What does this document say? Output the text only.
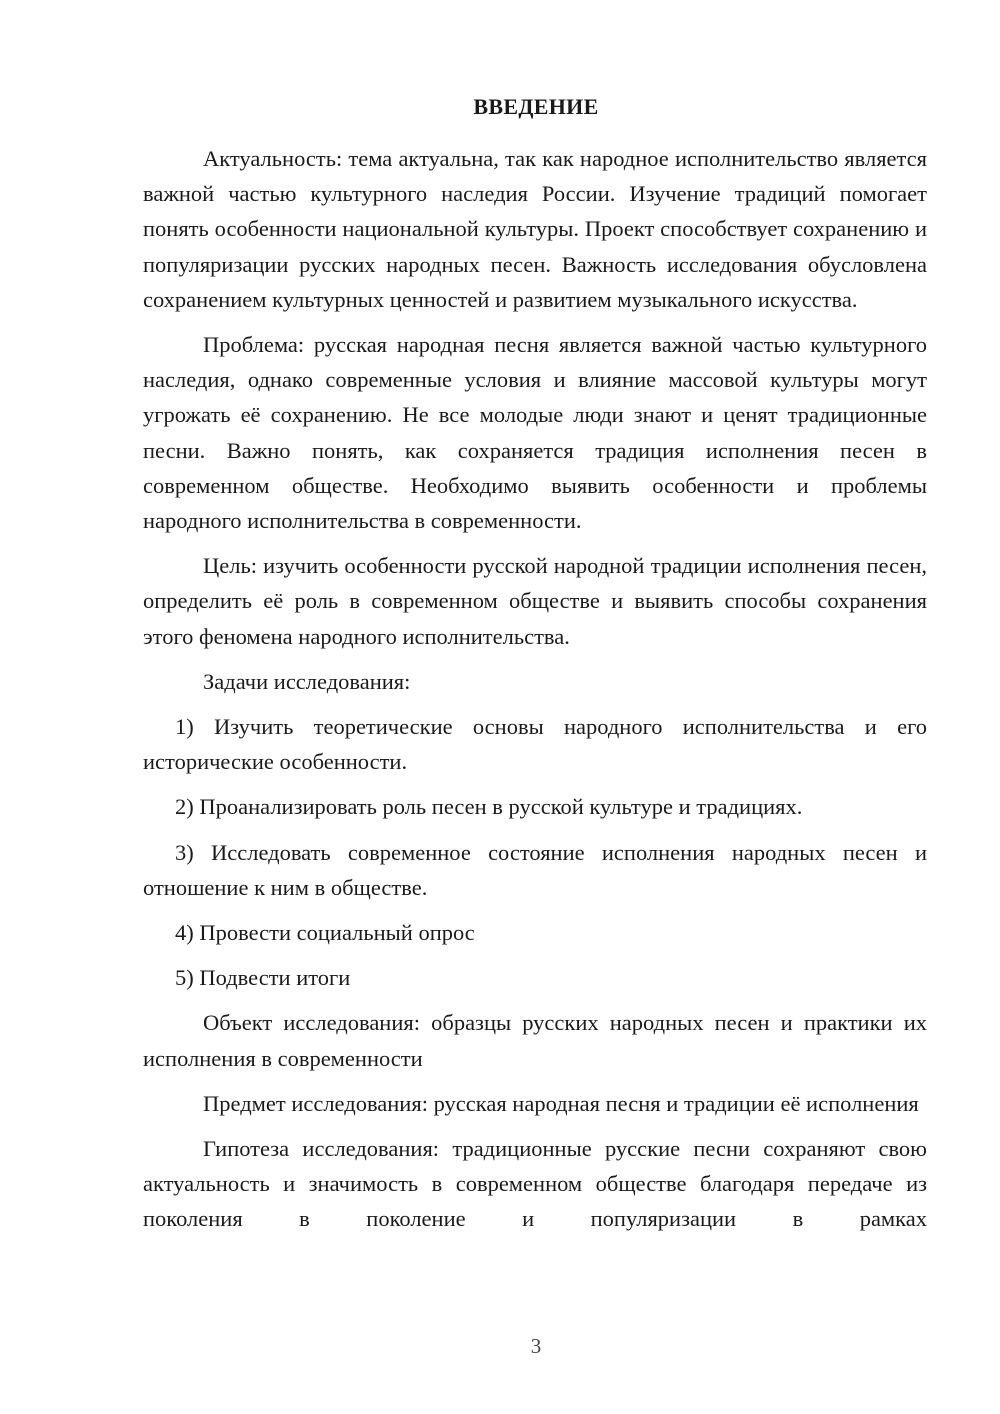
ВВЕДЕНИЕ

Актуальность: тема актуальна, так как народное исполнительство является важной частью культурного наследия России. Изучение традиций помогает понять особенности национальной культуры. Проект способствует сохранению и популяризации русских народных песен. Важность исследования обусловлена сохранением культурных ценностей и развитием музыкального искусства.

Проблема: русская народная песня является важной частью культурного наследия, однако современные условия и влияние массовой культуры могут угрожать её сохранению. Не все молодые люди знают и ценят традиционные песни. Важно понять, как сохраняется традиция исполнения песен в современном обществе. Необходимо выявить особенности и проблемы народного исполнительства в современности.

Цель: изучить особенности русской народной традиции исполнения песен, определить её роль в современном обществе и выявить способы сохранения этого феномена народного исполнительства.

Задачи исследования:

1) Изучить теоретические основы народного исполнительства и его исторические особенности.

2) Проанализировать роль песен в русской культуре и традициях.

3) Исследовать современное состояние исполнения народных песен и отношение к ним в обществе.

4) Провести социальный опрос

5) Подвести итоги

Объект исследования: образцы русских народных песен и практики их исполнения в современности

Предмет исследования: русская народная песня и традиции её исполнения

Гипотеза исследования: традиционные русские песни сохраняют свою актуальность и значимость в современном обществе благодаря передаче из поколения в поколение и популяризации в рамках

3
